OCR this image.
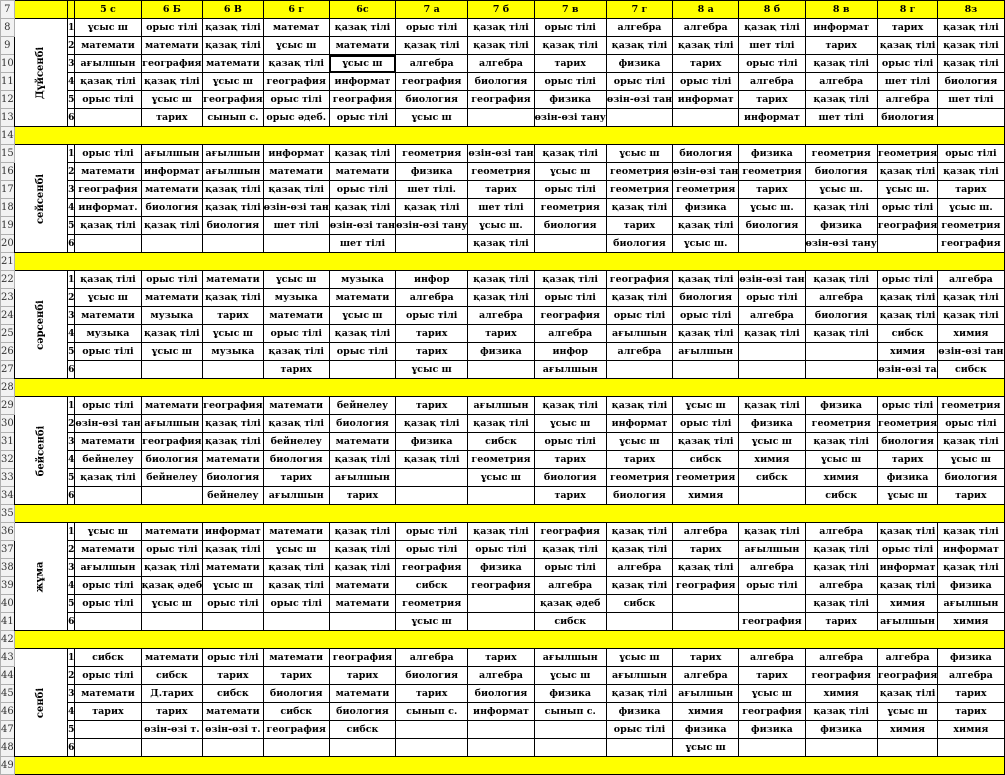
7			5 с	6 Б	6 В	6 г	6с	7 а	7 б	7 в	7 г	8 а	8 б	8 в	8 г	8з
8	Дүйсенбі	1	ұсыс ш	орыс тілі	қазақ тілі	математ	қазақ тілі	орыс тілі	қазақ тілі	орыс тілі	алгебра	алгебра	қазақ тілі	информат	тарих	қазақ тілі
9		2	математи	математи	қазақ тілі	ұсыс ш	математи	қазақ тілі	қазақ тілі	қазақ тілі	қазақ тілі	қазақ тілі	шет тілі	тарих	қазақ тілі	қазақ тілі
10		3	ағылшын	география	математи	қазақ тілі	ұсыс ш	алгебра	алгебра	тарих	физика	тарих	орыс тілі	қазақ тілі	орыс тілі	қазақ тілі
11		4	қазақ тілі	қазақ тілі	ұсыс ш	география	информат	география	биология	орыс тілі	орыс тілі	орыс тілі	алгебра	алгебра	шет тілі	биология
12		5	орыс тілі	ұсыс ш	география	орыс тілі	география	биология	география	физика	өзін-өзі тан	информат	тарих	қазақ тілі	алгебра	шет тілі
13		6		тарих	сынып с.	орыс әдеб.	орыс тілі	ұсыс ш		өзін-өзі тану			информат	шет тілі	биология	
14																
15	сейсенбі	1	орыс тілі	ағылшын	ағылшын	информат	қазақ тілі	геометрия	өзін-өзі тан	қазақ тілі	ұсыс ш	биология	физика	геометрия	геометрия	орыс тілі
16		2	математи	информат	ағылшын	математи	математи	физика	геометрия	ұсыс ш	геометрия	өзін-өзі тан	геометрия	биология	қазақ тілі	қазақ тілі
17		3	география	математи	қазақ тілі	қазақ тілі	орыс тілі	шет тілі.	тарих	орыс тілі	геометрия	геометрия	тарих	ұсыс ш.	ұсыс ш.	тарих
18		4	информат.	биология	қазақ тілі	өзін-өзі тан	қазақ тілі	қазақ тілі	шет тілі	геометрия	қазақ тілі	физика	ұсыс ш.	қазақ тілі	орыс тілі	ұсыс ш.
19		5	қазақ тілі	қазақ тілі	биология	шет тілі	өзін-өзі тан	өзін-өзі тану	ұсыс ш.	биология	тарих	қазақ тілі	биология	физика	география	геометрия
20		6					шет тілі		қазақ тілі		биология	ұсыс ш.		өзін-өзі тану		география
21																
22	сәрсенбі	1	қазақ тілі	орыс тілі	математи	ұсыс ш	музыка	инфор	қазақ тілі	қазақ тілі	география	қазақ тілі	өзін-өзі тан	қазақ тілі	орыс тілі	алгебра
23		2	ұсыс ш	математи	қазақ тілі	музыка	математи	алгебра	қазақ тілі	орыс тілі	қазақ тілі	биология	орыс тілі	алгебра	қазақ тілі	қазақ тілі
24		3	математи	музыка	тарих	математи	ұсыс ш	орыс тілі	алгебра	география	орыс тілі	орыс тілі	алгебра	биология	қазақ тілі	қазақ тілі
25		4	музыка	қазақ тілі	ұсыс ш	орыс тілі	қазақ тілі	тарих	тарих	алгебра	ағылшын	қазақ тілі	қазақ тілі	қазақ тілі	сибск	химия
26		5	орыс тілі	ұсыс ш	музыка	қазақ тілі	орыс тілі	тарих	физика	инфор	алгебра	ағылшын			химия	өзін-өзі тан
27		6				тарих		ұсыс ш		ағылшын					өзін-өзі та	сибск
28																
29	бейсенбі	1	орыс тілі	математи	география	математи	бейнелеу	тарих	ағылшын	қазақ тілі	қазақ тілі	ұсыс ш	қазақ тілі	физика	орыс тілі	геометрия
30		2	өзін-өзі тан	ағылшын	қазақ тілі	қазақ тілі	биология	қазақ тілі	қазақ тілі	ұсыс ш	информат	орыс тілі	физика	геометрия	геометрия	орыс тілі
31		3	математи	география	қазақ тілі	бейнелеу	математи	физика	сибск	орыс тілі	ұсыс ш	қазақ тілі	ұсыс ш	қазақ тілі	биология	қазақ тілі
32		4	бейнелеу	биология	математи	биология	қазақ тілі	қазақ тілі	геометрия	тарих	тарих	сибск	химия	ұсыс ш	тарих	ұсыс ш
33		5	қазақ тілі	бейнелеу	биология	тарих	ағылшын		ұсыс ш	биология	геометрия	геометрия	сибск	химия	физика	биология
34		6			бейнелеу	ағылшын	тарих			тарих	биология	химия		сибск	ұсыс ш	тарих
35																
36	жұма	1	ұсыс ш	математи	информат	математи	қазақ тілі	орыс тілі	қазақ тілі	география	қазақ тілі	алгебра	қазақ тілі	алгебра	қазақ тілі	қазақ тілі
37		2	математи	орыс тілі	қазақ тілі	ұсыс ш	қазақ тілі	орыс тілі	орыс тілі	қазақ тілі	қазақ тілі	тарих	ағылшын	қазақ тілі	орыс тілі	информат
38		3	ағылшын	қазақ тілі	математи	қазақ тілі	қазақ тілі	география	физика	орыс тілі	алгебра	қазақ тілі	алгебра	қазақ тілі	информат	қазақ тілі
39		4	орыс тілі	қазақ әдеб	ұсыс ш	қазақ тілі	математи	сибск	география	алгебра	қазақ тілі	география	орыс тілі	алгебра	қазақ тілі	физика
40		5	орыс тілі	ұсыс ш	орыс тілі	орыс тілі	математи	геометрия		қазақ әдеб	сибск			қазақ тілі	химия	ағылшын
41		6						ұсыс ш		сибск			география	тарих	ағылшын	химия
42																
43	сенбі	1	сибск	математи	орыс тілі	математи	география	алгебра	тарих	ағылшын	ұсыс ш	тарих	алгебра	алгебра	алгебра	физика
44		2	орыс тілі	сибск	тарих	тарих	тарих	биология	алгебра	ұсыс ш	ағылшын	алгебра	тарих	география	география	алгебра
45		3	математи	Д.тарих	сибск	биология	математи	тарих	биология	физика	қазақ тілі	ағылшын	ұсыс ш	химия	қазақ тілі	тарих
46		4	тарих	тарих	математи	сибск	биология	сынып с.	информат	сынып с.	физика	химия	география	қазақ тілі	ұсыс ш	тарих
47		5		өзін-өзі т.	өзін-өзі т.	география	сибск				орыс тілі	физика	физика	физика	химия	химия
48		6										ұсыс ш				
49																
